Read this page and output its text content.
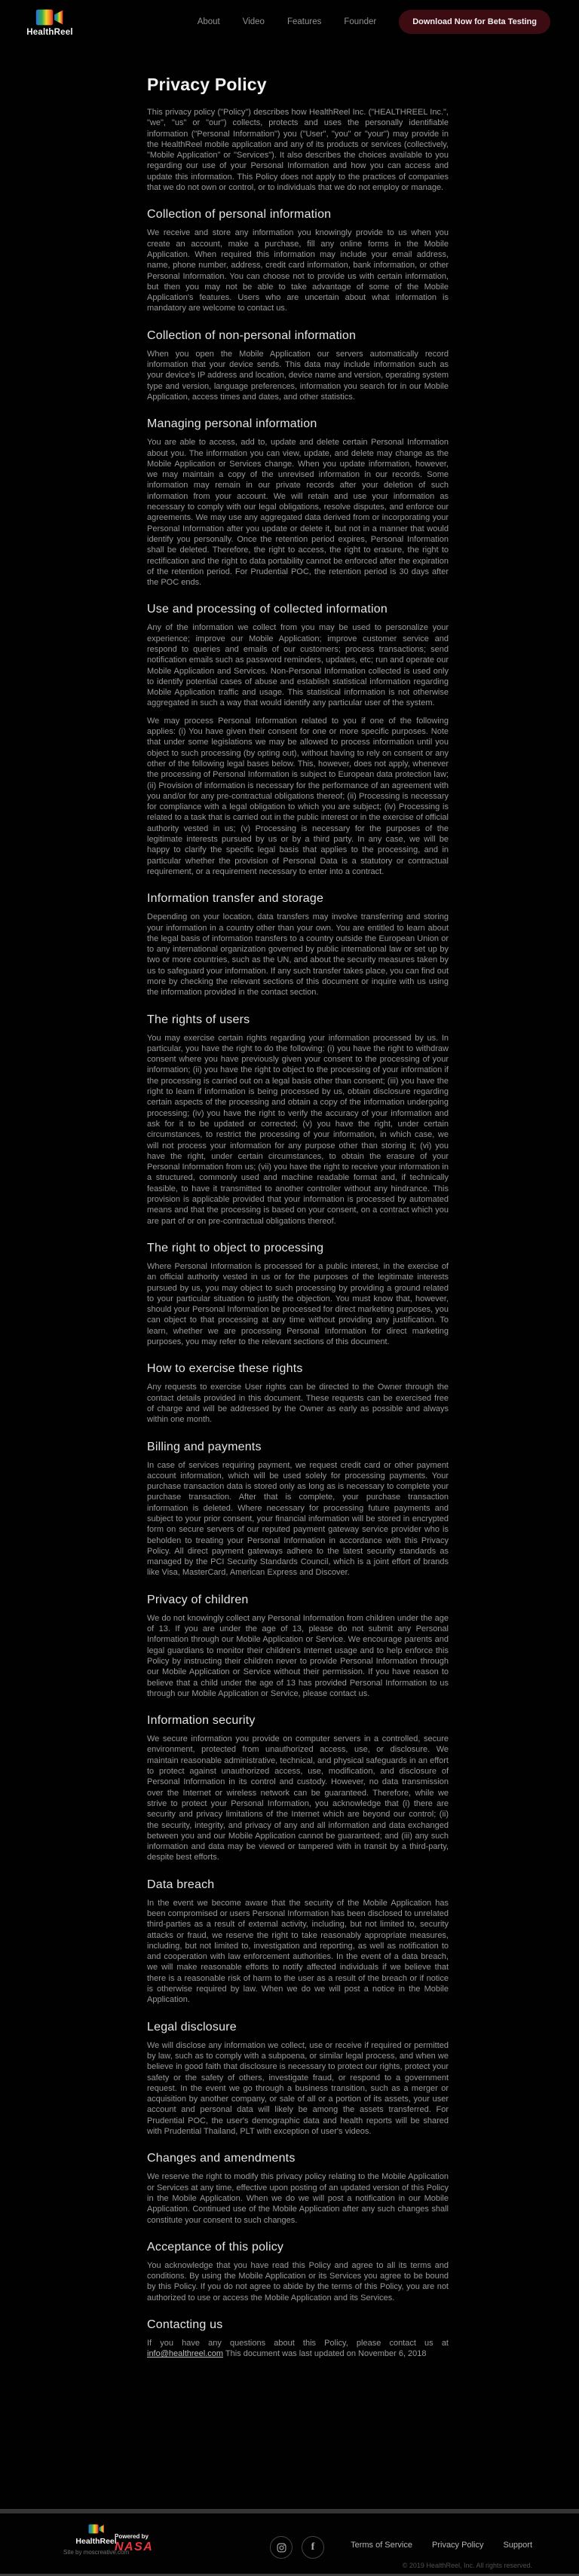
HealthReel
About	Video	Features	Founder	Download Now for Beta Testing
Privacy Policy

This privacy policy ("Policy") describes how HealthReel Inc. ("HEALTHREEL Inc.", "we", "us" or "our") collects, protects and uses the personally identifiable information ("Personal Information") you ("User", "you" or "your") may provide in the HealthReel mobile application and any of its products or services (collectively, "Mobile Application" or "Services"). It also describes the choices available to you regarding our use of your Personal Information and how you can access and update this information. This Policy does not apply to the practices of companies that we do not own or control, or to individuals that we do not employ or manage.

Collection of personal information

We receive and store any information you knowingly provide to us when you create an account, make a purchase, fill any online forms in the Mobile Application. When required this information may include your email address, name, phone number, address, credit card information, bank information, or other Personal Information. You can choose not to provide us with certain information, but then you may not be able to take advantage of some of the Mobile Application's features. Users who are uncertain about what information is mandatory are welcome to contact us.

Collection of non-personal information

When you open the Mobile Application our servers automatically record information that your device sends. This data may include information such as your device's IP address and location, device name and version, operating system type and version, language preferences, information you search for in our Mobile Application, access times and dates, and other statistics.

Managing personal information

You are able to access, add to, update and delete certain Personal Information about you. The information you can view, update, and delete may change as the Mobile Application or Services change. When you update information, however, we may maintain a copy of the unrevised information in our records. Some information may remain in our private records after your deletion of such information from your account. We will retain and use your information as necessary to comply with our legal obligations, resolve disputes, and enforce our agreements. We may use any aggregated data derived from or incorporating your Personal Information after you update or delete it, but not in a manner that would identify you personally. Once the retention period expires, Personal Information shall be deleted. Therefore, the right to access, the right to erasure, the right to rectification and the right to data portability cannot be enforced after the expiration of the retention period. For Prudential POC, the retention period is 30 days after the POC ends.

Use and processing of collected information

Any of the information we collect from you may be used to personalize your experience; improve our Mobile Application; improve customer service and respond to queries and emails of our customers; process transactions; send notification emails such as password reminders, updates, etc; run and operate our Mobile Application and Services. Non-Personal Information collected is used only to identify potential cases of abuse and establish statistical information regarding Mobile Application traffic and usage. This statistical information is not otherwise aggregated in such a way that would identify any particular user of the system.

We may process Personal Information related to you if one of the following applies: (i) You have given their consent for one or more specific purposes. Note that under some legislations we may be allowed to process information until you object to such processing (by opting out), without having to rely on consent or any other of the following legal bases below. This, however, does not apply, whenever the processing of Personal Information is subject to European data protection law; (ii) Provision of information is necessary for the performance of an agreement with you and/or for any pre-contractual obligations thereof; (ii) Processing is necessary for compliance with a legal obligation to which you are subject; (iv) Processing is related to a task that is carried out in the public interest or in the exercise of official authority vested in us; (v) Processing is necessary for the purposes of the legitimate interests pursued by us or by a third party. In any case, we will be happy to clarify the specific legal basis that applies to the processing, and in particular whether the provision of Personal Data is a statutory or contractual requirement, or a requirement necessary to enter into a contract.

Information transfer and storage

Depending on your location, data transfers may involve transferring and storing your information in a country other than your own. You are entitled to learn about the legal basis of information transfers to a country outside the European Union or to any international organization governed by public international law or set up by two or more countries, such as the UN, and about the security measures taken by us to safeguard your information. If any such transfer takes place, you can find out more by checking the relevant sections of this document or inquire with us using the information provided in the contact section.

The rights of users

You may exercise certain rights regarding your information processed by us. In particular, you have the right to do the following: (i) you have the right to withdraw consent where you have previously given your consent to the processing of your information; (ii) you have the right to object to the processing of your information if the processing is carried out on a legal basis other than consent; (iii) you have the right to learn if information is being processed by us, obtain disclosure regarding certain aspects of the processing and obtain a copy of the information undergoing processing; (iv) you have the right to verify the accuracy of your information and ask for it to be updated or corrected; (v) you have the right, under certain circumstances, to restrict the processing of your information, in which case, we will not process your information for any purpose other than storing it; (vi) you have the right, under certain circumstances, to obtain the erasure of your Personal Information from us; (vii) you have the right to receive your information in a structured, commonly used and machine readable format and, if technically feasible, to have it transmitted to another controller without any hindrance. This provision is applicable provided that your information is processed by automated means and that the processing is based on your consent, on a contract which you are part of or on pre-contractual obligations thereof.

The right to object to processing

Where Personal Information is processed for a public interest, in the exercise of an official authority vested in us or for the purposes of the legitimate interests pursued by us, you may object to such processing by providing a ground related to your particular situation to justify the objection. You must know that, however, should your Personal Information be processed for direct marketing purposes, you can object to that processing at any time without providing any justification. To learn, whether we are processing Personal Information for direct marketing purposes, you may refer to the relevant sections of this document.

How to exercise these rights

Any requests to exercise User rights can be directed to the Owner through the contact details provided in this document. These requests can be exercised free of charge and will be addressed by the Owner as early as possible and always within one month.

Billing and payments

In case of services requiring payment, we request credit card or other payment account information, which will be used solely for processing payments. Your purchase transaction data is stored only as long as is necessary to complete your purchase transaction. After that is complete, your purchase transaction information is deleted. Where necessary for processing future payments and subject to your prior consent, your financial information will be stored in encrypted form on secure servers of our reputed payment gateway service provider who is beholden to treating your Personal Information in accordance with this Privacy Policy. All direct payment gateways adhere to the latest security standards as managed by the PCI Security Standards Council, which is a joint effort of brands like Visa, MasterCard, American Express and Discover.

Privacy of children

We do not knowingly collect any Personal Information from children under the age of 13. If you are under the age of 13, please do not submit any Personal Information through our Mobile Application or Service. We encourage parents and legal guardians to monitor their children's Internet usage and to help enforce this Policy by instructing their children never to provide Personal Information through our Mobile Application or Service without their permission. If you have reason to believe that a child under the age of 13 has provided Personal Information to us through our Mobile Application or Service, please contact us.

Information security

We secure information you provide on computer servers in a controlled, secure environment, protected from unauthorized access, use, or disclosure. We maintain reasonable administrative, technical, and physical safeguards in an effort to protect against unauthorized access, use, modification, and disclosure of Personal Information in its control and custody. However, no data transmission over the Internet or wireless network can be guaranteed. Therefore, while we strive to protect your Personal Information, you acknowledge that (i) there are security and privacy limitations of the Internet which are beyond our control; (ii) the security, integrity, and privacy of any and all information and data exchanged between you and our Mobile Application cannot be guaranteed; and (iii) any such information and data may be viewed or tampered with in transit by a third-party, despite best efforts.

Data breach

In the event we become aware that the security of the Mobile Application has been compromised or users Personal Information has been disclosed to unrelated third-parties as a result of external activity, including, but not limited to, security attacks or fraud, we reserve the right to take reasonably appropriate measures, including, but not limited to, investigation and reporting, as well as notification to and cooperation with law enforcement authorities. In the event of a data breach, we will make reasonable efforts to notify affected individuals if we believe that there is a reasonable risk of harm to the user as a result of the breach or if notice is otherwise required by law. When we do we will post a notice in the Mobile Application.

Legal disclosure

We will disclose any information we collect, use or receive if required or permitted by law, such as to comply with a subpoena, or similar legal process, and when we believe in good faith that disclosure is necessary to protect our rights, protect your safety or the safety of others, investigate fraud, or respond to a government request. In the event we go through a business transition, such as a merger or acquisition by another company, or sale of all or a portion of its assets, your user account and personal data will likely be among the assets transferred. For Prudential POC, the user's demographic data and health reports will be shared with Prudential Thailand, PLT with exception of user's videos.

Changes and amendments

We reserve the right to modify this privacy policy relating to the Mobile Application or Services at any time, effective upon posting of an updated version of this Policy in the Mobile Application. When we do we will post a notification in our Mobile Application. Continued use of the Mobile Application after any such changes shall constitute your consent to such changes.

Acceptance of this policy

You acknowledge that you have read this Policy and agree to all its terms and conditions. By using the Mobile Application or its Services you agree to be bound by this Policy. If you do not agree to abide by the terms of this Policy, you are not authorized to use or access the Mobile Application and its Services.

Contacting us

If you have any questions about this Policy, please contact us at info@healthreel.com This document was last updated on November 6, 2018

HealthReel
Site by moscreative.com
Powered by
NASA	f	Terms of Service Privacy Policy Support
© 2019 HealthReel, Inc. All rights reserved.
